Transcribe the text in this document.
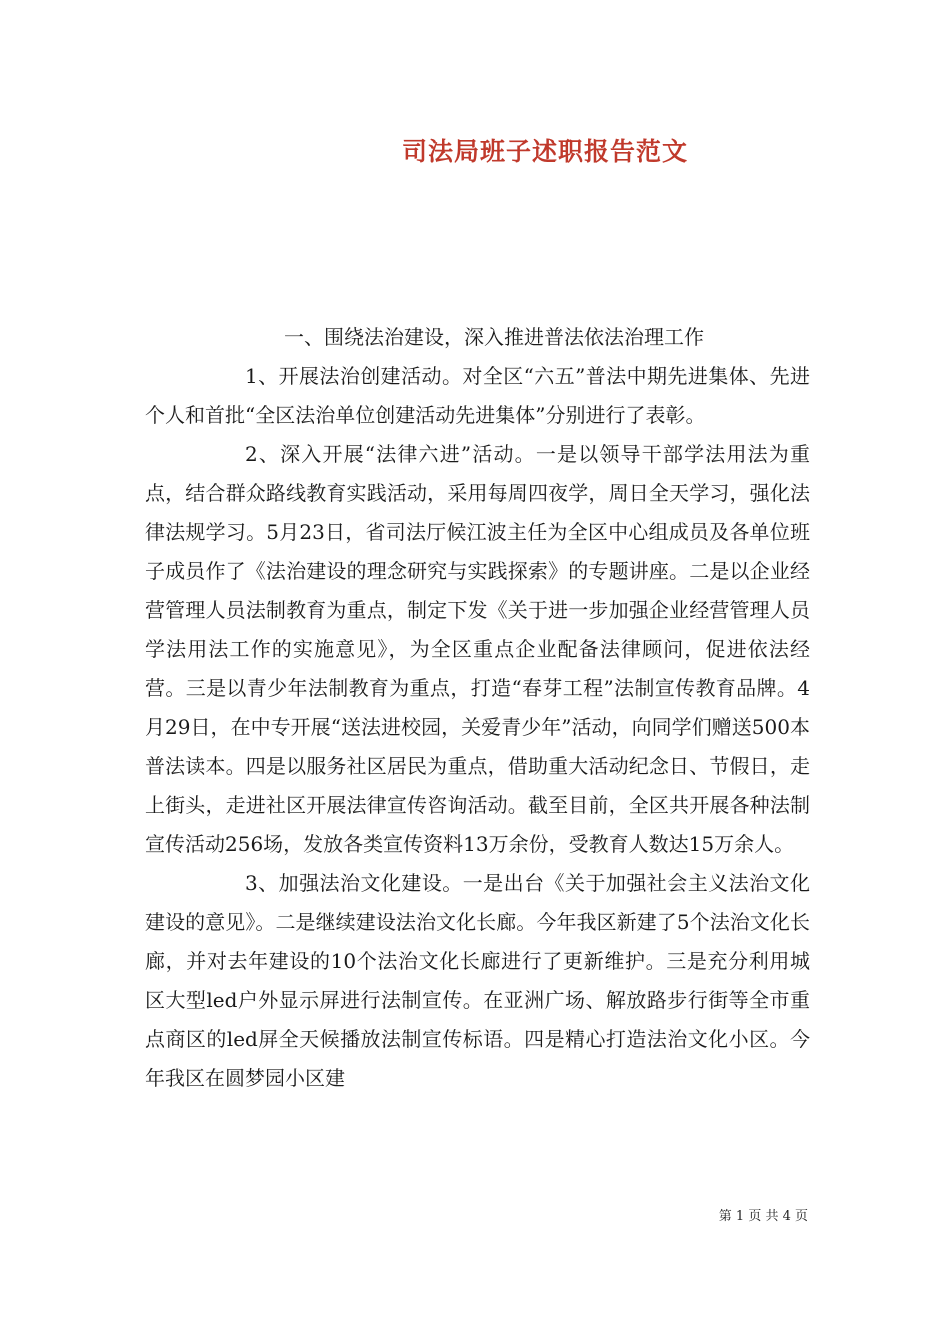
司法局班子述职报告范文

一、围绕法治建设，深入推进普法依法治理工作

1、开展法治创建活动。对全区“六五”普法中期先进集体、先进个人和首批“全区法治单位创建活动先进集体”分别进行了表彰。

2、深入开展“法律六进”活动。一是以领导干部学法用法为重点，结合群众路线教育实践活动，采用每周四夜学，周日全天学习，强化法律法规学习。5月23日，省司法厅候江波主任为全区中心组成员及各单位班子成员作了《法治建设的理念研究与实践探索》的专题讲座。二是以企业经营管理人员法制教育为重点，制定下发《关于进一步加强企业经营管理人员学法用法工作的实施意见》，为全区重点企业配备法律顾问，促进依法经营。三是以青少年法制教育为重点，打造“春芽工程”法制宣传教育品牌。4月29日，在中专开展“送法进校园，关爱青少年”活动，向同学们赠送500本普法读本。四是以服务社区居民为重点，借助重大活动纪念日、节假日，走上街头，走进社区开展法律宣传咨询活动。截至目前，全区共开展各种法制宣传活动256场，发放各类宣传资料13万余份，受教育人数达15万余人。

3、加强法治文化建设。一是出台《关于加强社会主义法治文化建设的意见》。二是继续建设法治文化长廊。今年我区新建了5个法治文化长廊，并对去年建设的10个法治文化长廊进行了更新维护。三是充分利用城区大型led户外显示屏进行法制宣传。在亚洲广场、解放路步行街等全市重点商区的led屏全天候播放法制宣传标语。四是精心打造法治文化小区。今年我区在圆梦园小区建

第 1 页 共 4 页
